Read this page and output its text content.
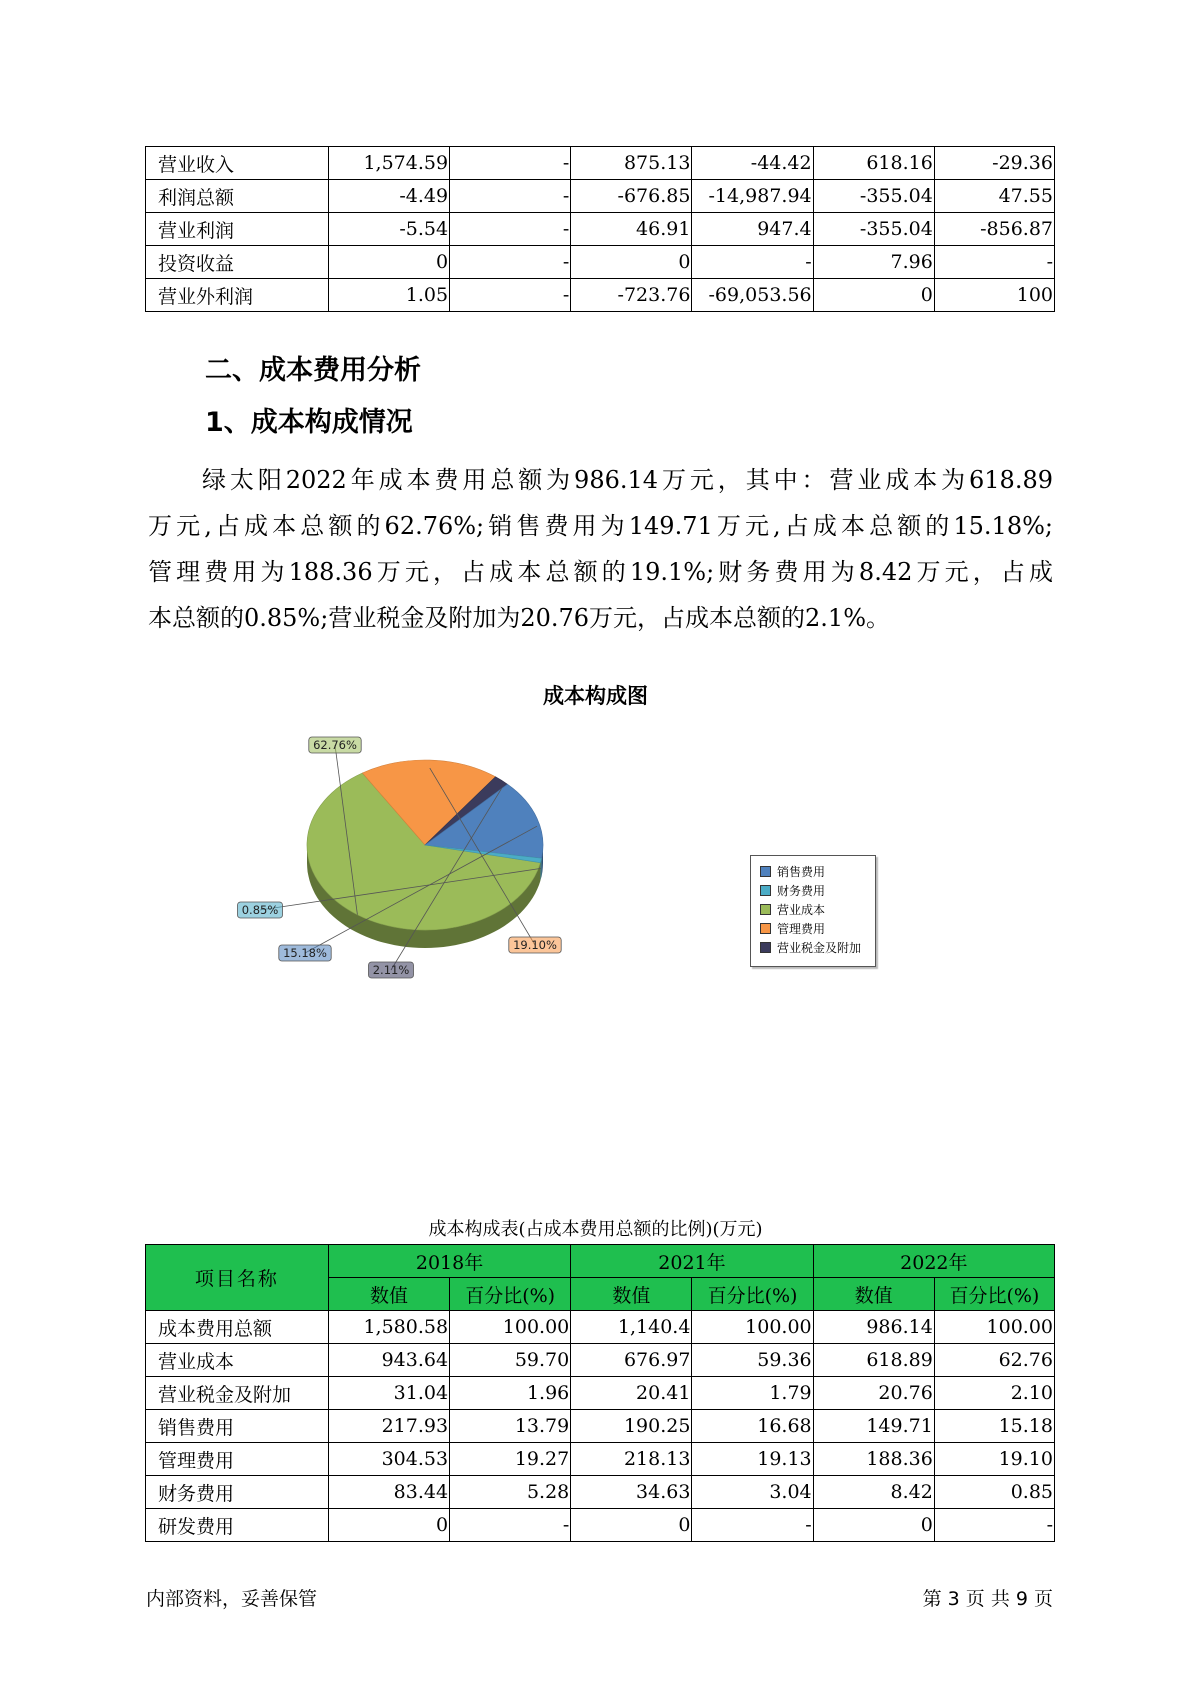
营业收入	1,574.59	-	875.13	-44.42	618.16	-29.36
利润总额	-4.49	-	-676.85	-14,987.94	-355.04	47.55
营业利润	-5.54	-	46.91	947.4	-355.04	-856.87
投资收益	0	-	0	-	7.96	-
营业外利润	1.05	-	-723.76	-69,053.56	0	100
二、成本费用分析
1、成本构成情况
绿太阳2022年成本费用总额为986.14万元，其中：营业成本为618.89
万元,占成本总额的62.76%;销售费用为149.71万元,占成本总额的15.18%;
管理费用为188.36万元，占成本总额的19.1%;财务费用为8.42万元，占成
本总额的0.85%;营业税金及附加为20.76万元，占成本总额的2.1%。
成本构成图
62.76%
19.10%
2.11%
15.18%
0.85%
销售费用
财务费用
营业成本
管理费用
营业税金及附加
成本构成表(占成本费用总额的比例)(万元)
项目名称	2018年		2021年		2022年	
	数值	百分比(%)	数值	百分比(%)	数值	百分比(%)
成本费用总额	1,580.58	100.00	1,140.4	100.00	986.14	100.00
营业成本	943.64	59.70	676.97	59.36	618.89	62.76
营业税金及附加	31.04	1.96	20.41	1.79	20.76	2.10
销售费用	217.93	13.79	190.25	16.68	149.71	15.18
管理费用	304.53	19.27	218.13	19.13	188.36	19.10
财务费用	83.44	5.28	34.63	3.04	8.42	0.85
研发费用	0	-	0	-	0	-
内部资料，妥善保管	第 3 页 共 9 页
